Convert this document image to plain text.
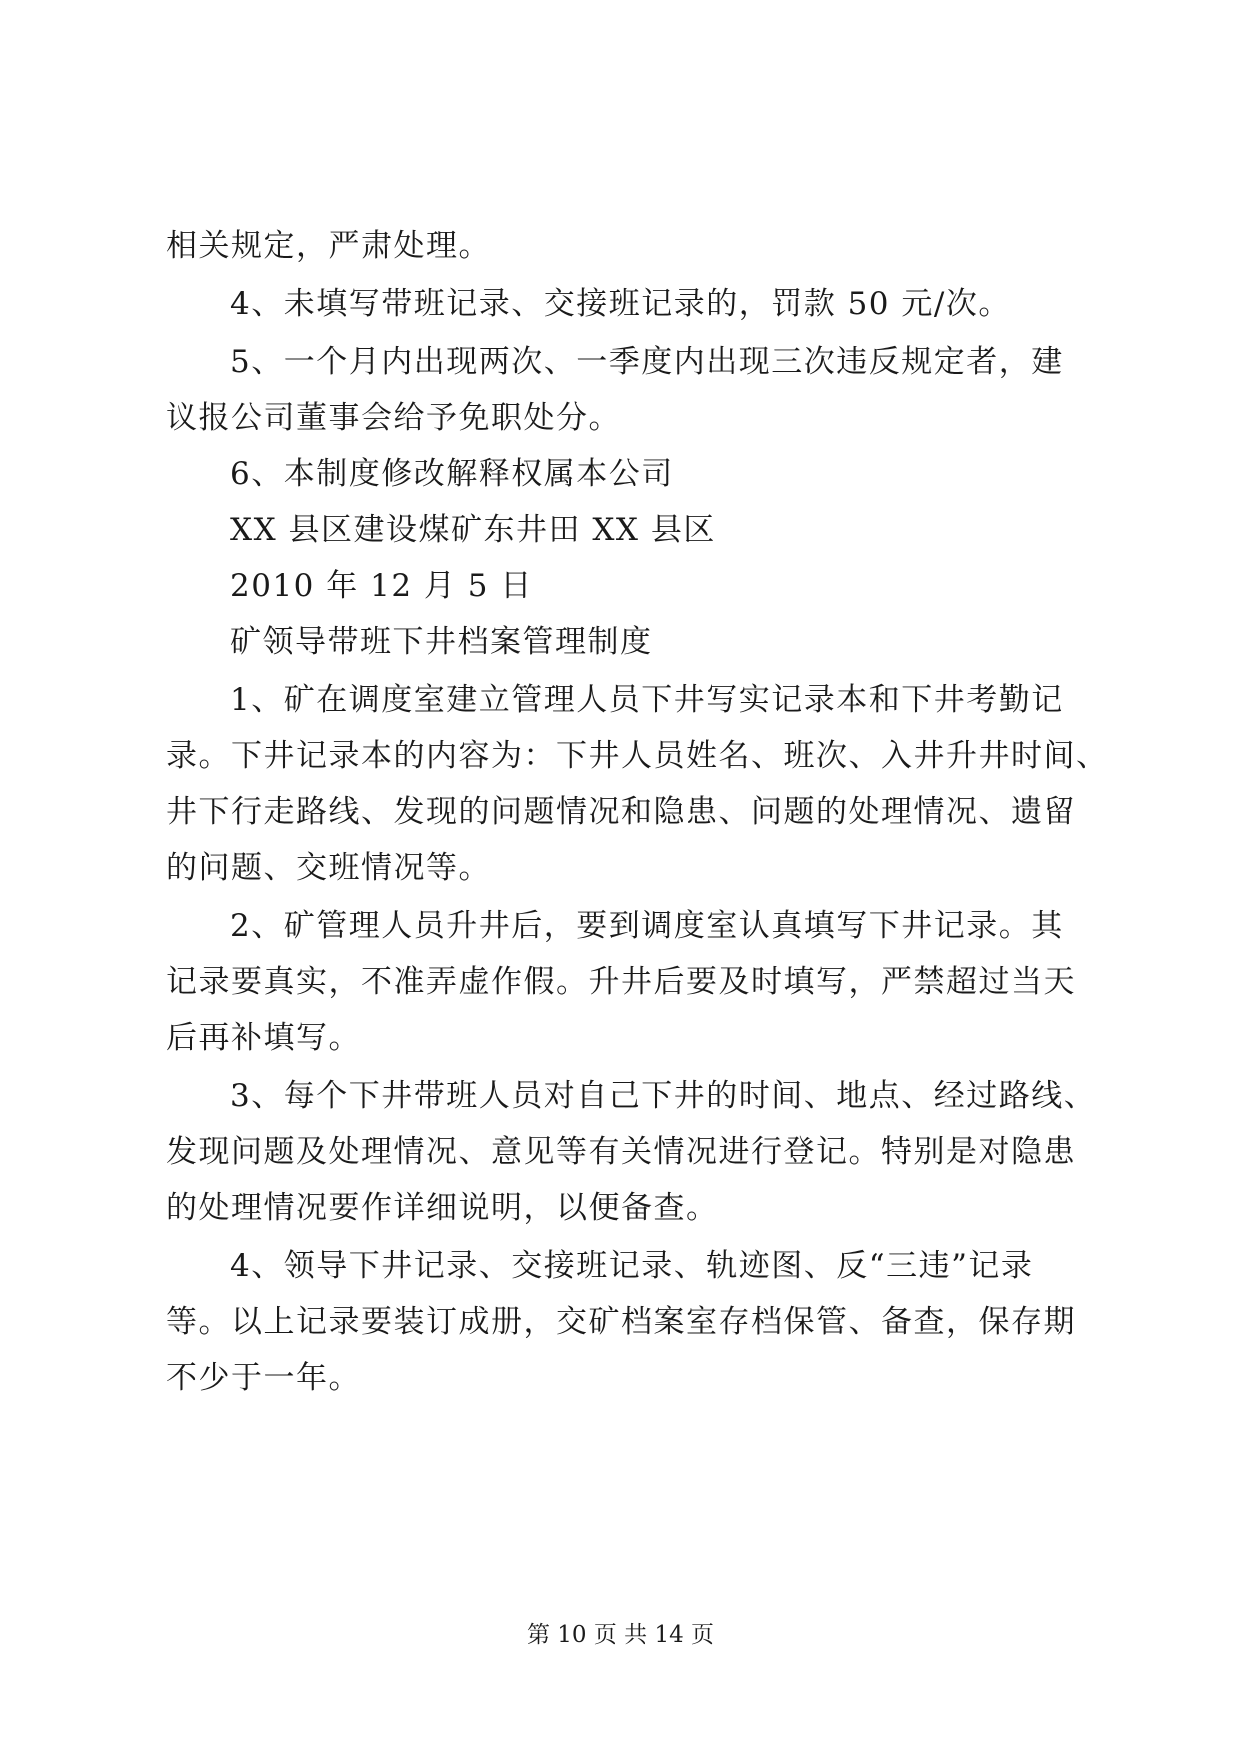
相关规定，严肃处理。
4、未填写带班记录、交接班记录的，罚款 50 元/次。
5、一个月内出现两次、一季度内出现三次违反规定者，建
议报公司董事会给予免职处分。
6、本制度修改解释权属本公司
XX 县区建设煤矿东井田 XX 县区
2010 年 12 月 5 日
矿领导带班下井档案管理制度
1、矿在调度室建立管理人员下井写实记录本和下井考勤记
录。下井记录本的内容为：下井人员姓名、班次、入井升井时间、
井下行走路线、发现的问题情况和隐患、问题的处理情况、遗留
的问题、交班情况等。
2、矿管理人员升井后，要到调度室认真填写下井记录。其
记录要真实，不准弄虚作假。升井后要及时填写，严禁超过当天
后再补填写。
3、每个下井带班人员对自己下井的时间、地点、经过路线、
发现问题及处理情况、意见等有关情况进行登记。特别是对隐患
的处理情况要作详细说明，以便备查。
4、领导下井记录、交接班记录、轨迹图、反“三违”记录
等。以上记录要装订成册，交矿档案室存档保管、备查，保存期
不少于一年。
第 10 页 共 14 页
